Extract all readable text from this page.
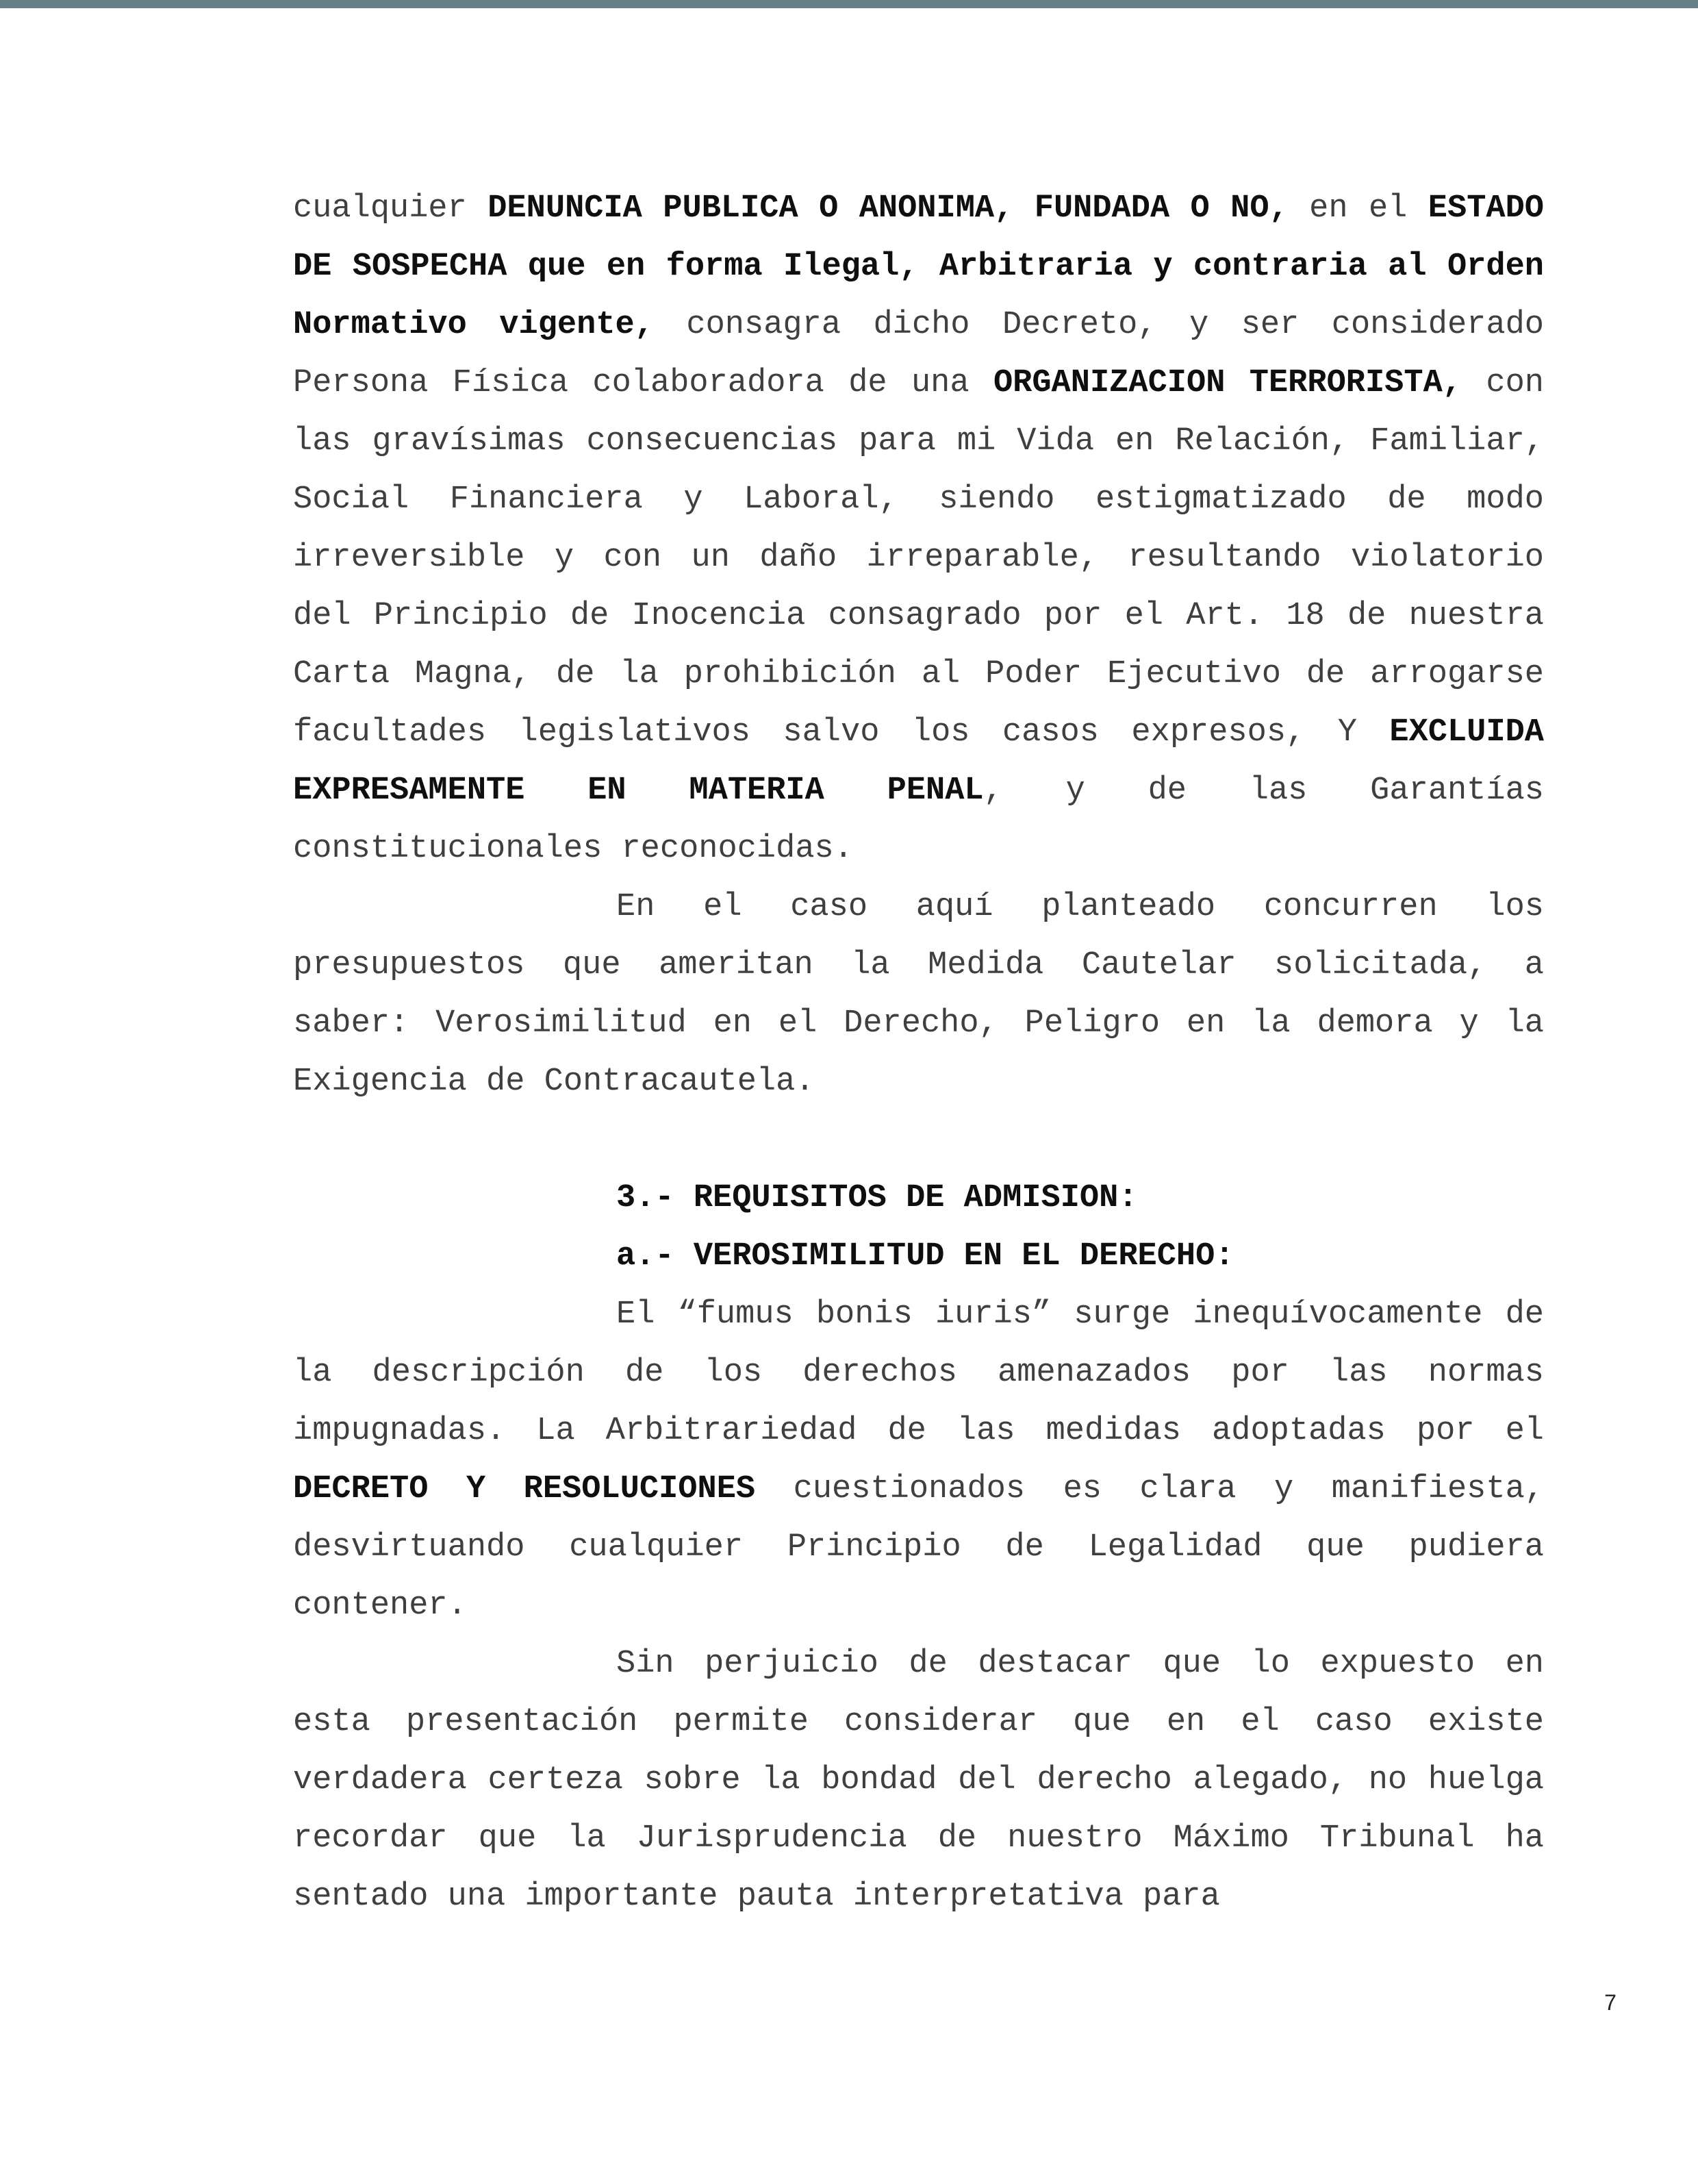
cualquier DENUNCIA PUBLICA O ANONIMA, FUNDADA O NO, en el ESTADO DE SOSPECHA que en forma Ilegal, Arbitraria y contraria al Orden Normativo vigente, consagra dicho Decreto, y ser considerado Persona Física colaboradora de una ORGANIZACION TERRORISTA, con las gravísimas consecuencias para mi Vida en Relación, Familiar, Social Financiera y Laboral, siendo estigmatizado de modo irreversible y con un daño irreparable, resultando violatorio del Principio de Inocencia consagrado por el Art. 18 de nuestra Carta Magna, de la prohibición al Poder Ejecutivo de arrogarse facultades legislativos salvo los casos expresos, Y EXCLUIDA EXPRESAMENTE EN MATERIA PENAL, y de las Garantías constitucionales reconocidas.

En el caso aquí planteado concurren los presupuestos que ameritan la Medida Cautelar solicitada, a saber: Verosimilitud en el Derecho, Peligro en la demora y la Exigencia de Contracautela.

3.- REQUISITOS DE ADMISION:

a.- VEROSIMILITUD EN EL DERECHO:

El “fumus bonis iuris” surge inequívocamente de la descripción de los derechos amenazados por las normas impugnadas. La Arbitrariedad de las medidas adoptadas por el DECRETO Y RESOLUCIONES cuestionados es clara y manifiesta, desvirtuando cualquier Principio de Legalidad que pudiera contener.

Sin perjuicio de destacar que lo expuesto en esta presentación permite considerar que en el caso existe verdadera certeza sobre la bondad del derecho alegado, no huelga recordar que la Jurisprudencia de nuestro Máximo Tribunal ha sentado una importante pauta interpretativa para

7
